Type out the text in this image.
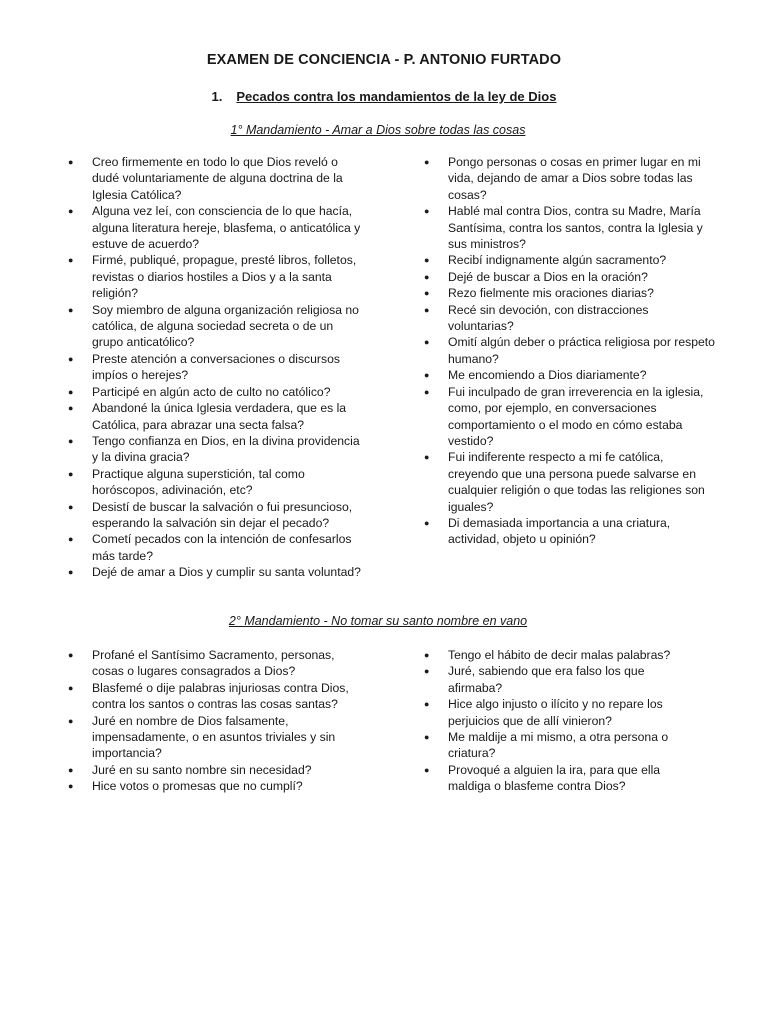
EXAMEN DE CONCIENCIA - P. ANTONIO FURTADO
1. Pecados contra los mandamientos de la ley de Dios
1° Mandamiento - Amar a Dios sobre todas las cosas
● Creo firmemente en todo lo que Dios reveló o dudé voluntariamente de alguna doctrina de la Iglesia Católica?
● Alguna vez leí, con consciencia de lo que hacía, alguna literatura hereje, blasfema, o anticatólica y estuve de acuerdo?
● Firmé, publiqué, propague, presté libros, folletos, revistas o diarios hostiles a Dios y a la santa religión?
● Soy miembro de alguna organización religiosa no católica, de alguna sociedad secreta o de un grupo anticatólico?
● Preste atención a conversaciones o discursos impíos o herejes?
● Participé en algún acto de culto no católico?
● Abandoné la única Iglesia verdadera, que es la Católica, para abrazar una secta falsa?
● Tengo confianza en Dios, en la divina providencia y la divina gracia?
● Practique alguna superstición, tal como horóscopos, adivinación, etc?
● Desistí de buscar la salvación o fui presuncioso, esperando la salvación sin dejar el pecado?
● Cometí pecados con la intención de confesarlos más tarde?
● Dejé de amar a Dios y cumplir su santa voluntad?
● Pongo personas o cosas en primer lugar en mi vida, dejando de amar a Dios sobre todas las cosas?
● Hablé mal contra Dios, contra su Madre, María Santísima, contra los santos, contra la Iglesia y sus ministros?
● Recibí indignamente algún sacramento?
● Dejé de buscar a Dios en la oración?
● Rezo fielmente mis oraciones diarias?
● Recé sin devoción, con distracciones voluntarias?
● Omití algún deber o práctica religiosa por respeto humano?
● Me encomiendo a Dios diariamente?
● Fui inculpado de gran irreverencia en la iglesia, como, por ejemplo, en conversaciones comportamiento o el modo en cómo estaba vestido?
● Fui indiferente respecto a mi fe católica, creyendo que una persona puede salvarse en cualquier religión o que todas las religiones son iguales?
● Di demasiada importancia a una criatura, actividad, objeto u opinión?
2° Mandamiento - No tomar su santo nombre en vano
● Profané el Santísimo Sacramento, personas, cosas o lugares consagrados a Dios?
● Blasfemé o dije palabras injuriosas contra Dios, contra los santos o contras las cosas santas?
● Juré en nombre de Dios falsamente, impensadamente, o en asuntos triviales y sin importancia?
● Juré en su santo nombre sin necesidad?
● Hice votos o promesas que no cumplí?
● Tengo el hábito de decir malas palabras?
● Juré, sabiendo que era falso los que afirmaba?
● Hice algo injusto o ilícito y no repare los perjuicios que de allí vinieron?
● Me maldije a mi mismo, a otra persona o criatura?
● Provoqué a alguien la ira, para que ella maldiga o blasfeme contra Dios?
